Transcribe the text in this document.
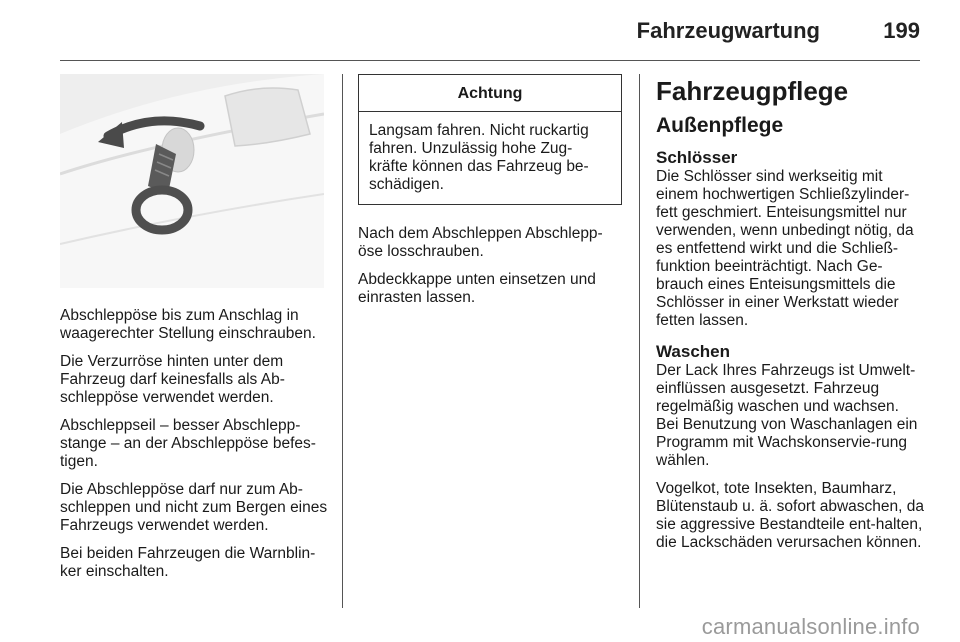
Fahrzeugwartung	199

Abschleppöse bis zum Anschlag in waagerechter Stellung einschrauben.

Die Verzurröse hinten unter dem Fahrzeug darf keinesfalls als Ab-schleppöse verwendet werden.

Abschleppseil – besser Abschlepp-stange – an der Abschleppöse befes-tigen.

Die Abschleppöse darf nur zum Ab-schleppen und nicht zum Bergen eines Fahrzeugs verwendet werden.

Bei beiden Fahrzeugen die Warnblin-ker einschalten.

Achtung

Langsam fahren. Nicht ruckartig fahren. Unzulässig hohe Zug-kräfte können das Fahrzeug be-schädigen.

Nach dem Abschleppen Abschlepp-öse losschrauben.

Abdeckkappe unten einsetzen und einrasten lassen.

Fahrzeugpflege
Außenpflege
Schlösser

Die Schlösser sind werkseitig mit einem hochwertigen Schließzylinder-fett geschmiert. Enteisungsmittel nur verwenden, wenn unbedingt nötig, da es entfettend wirkt und die Schließ-funktion beeinträchtigt. Nach Ge-brauch eines Enteisungsmittels die Schlösser in einer Werkstatt wieder fetten lassen.

Waschen

Der Lack Ihres Fahrzeugs ist Umwelt-einflüssen ausgesetzt. Fahrzeug regelmäßig waschen und wachsen. Bei Benutzung von Waschanlagen ein Programm mit Wachskonservie-rung wählen.

Vogelkot, tote Insekten, Baumharz, Blütenstaub u. ä. sofort abwaschen, da sie aggressive Bestandteile ent-halten, die Lackschäden verursachen können.

carmanualsonline.info
